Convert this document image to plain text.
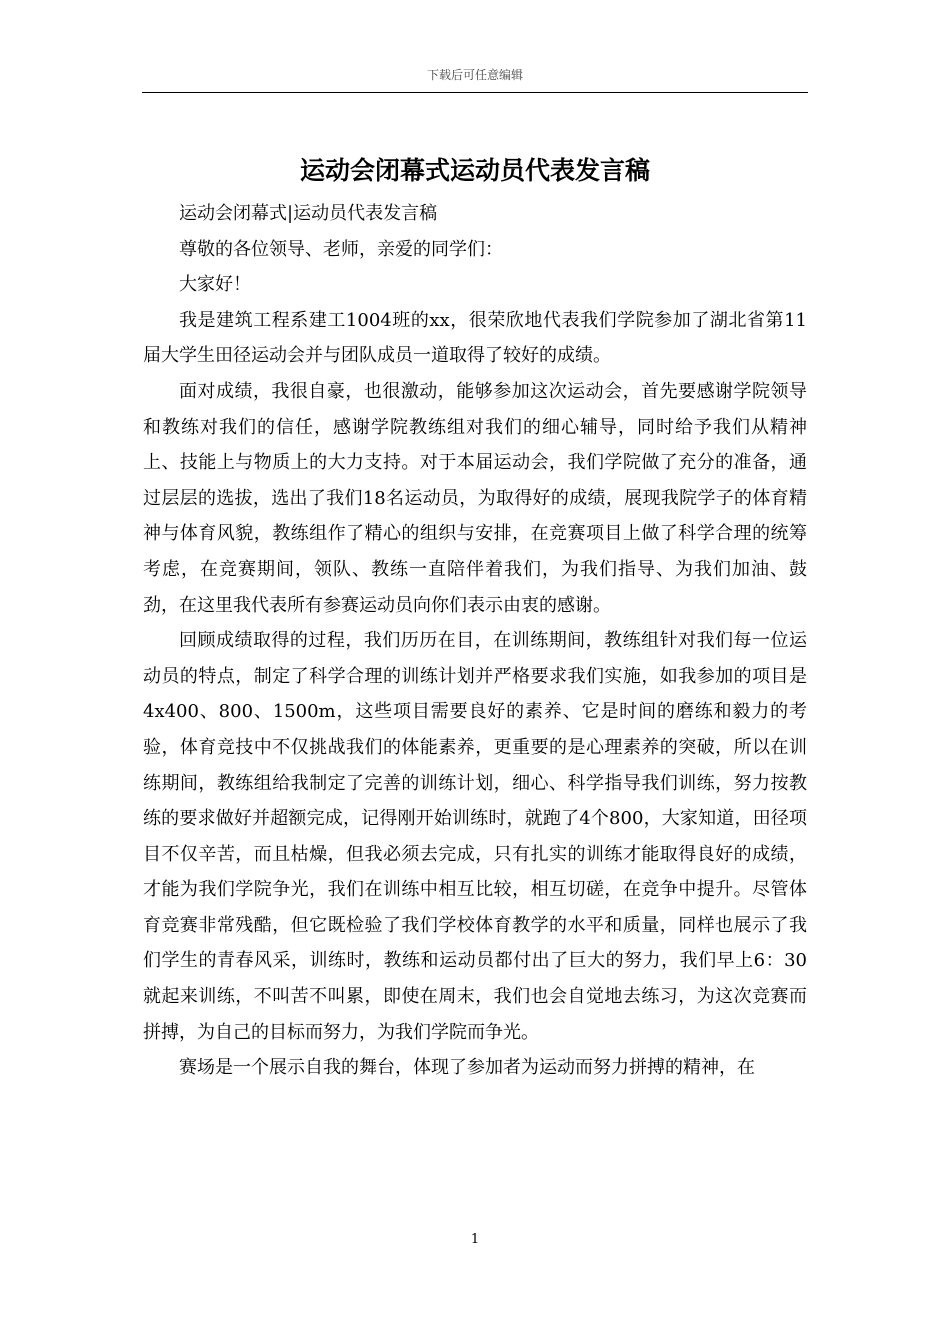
下载后可任意编辑
运动会闭幕式运动员代表发言稿

运动会闭幕式|运动员代表发言稿

尊敬的各位领导、老师，亲爱的同学们：

大家好！

我是建筑工程系建工1004班的xx，很荣欣地代表我们学院参加了湖北省第11届大学生田径运动会并与团队成员一道取得了较好的成绩。

面对成绩，我很自豪，也很激动，能够参加这次运动会，首先要感谢学院领导和教练对我们的信任，感谢学院教练组对我们的细心辅导，同时给予我们从精神上、技能上与物质上的大力支持。对于本届运动会，我们学院做了充分的准备，通过层层的选拔，选出了我们18名运动员，为取得好的成绩，展现我院学子的体育精神与体育风貌，教练组作了精心的组织与安排，在竞赛项目上做了科学合理的统筹考虑，在竞赛期间，领队、教练一直陪伴着我们，为我们指导、为我们加油、鼓劲，在这里我代表所有参赛运动员向你们表示由衷的感谢。

回顾成绩取得的过程，我们历历在目，在训练期间，教练组针对我们每一位运动员的特点，制定了科学合理的训练计划并严格要求我们实施，如我参加的项目是4x400、800、1500m，这些项目需要良好的素养、它是时间的磨练和毅力的考验，体育竞技中不仅挑战我们的体能素养，更重要的是心理素养的突破，所以在训练期间，教练组给我制定了完善的训练计划，细心、科学指导我们训练，努力按教练的要求做好并超额完成，记得刚开始训练时，就跑了4个800，大家知道，田径项目不仅辛苦，而且枯燥，但我必须去完成，只有扎实的训练才能取得良好的成绩，才能为我们学院争光，我们在训练中相互比较，相互切磋，在竞争中提升。尽管体育竞赛非常残酷，但它既检验了我们学校体育教学的水平和质量，同样也展示了我们学生的青春风采，训练时，教练和运动员都付出了巨大的努力，我们早上6：30就起来训练，不叫苦不叫累，即使在周末，我们也会自觉地去练习，为这次竞赛而拼搏，为自己的目标而努力，为我们学院而争光。

赛场是一个展示自我的舞台，体现了参加者为运动而努力拼搏的精神，在

1
